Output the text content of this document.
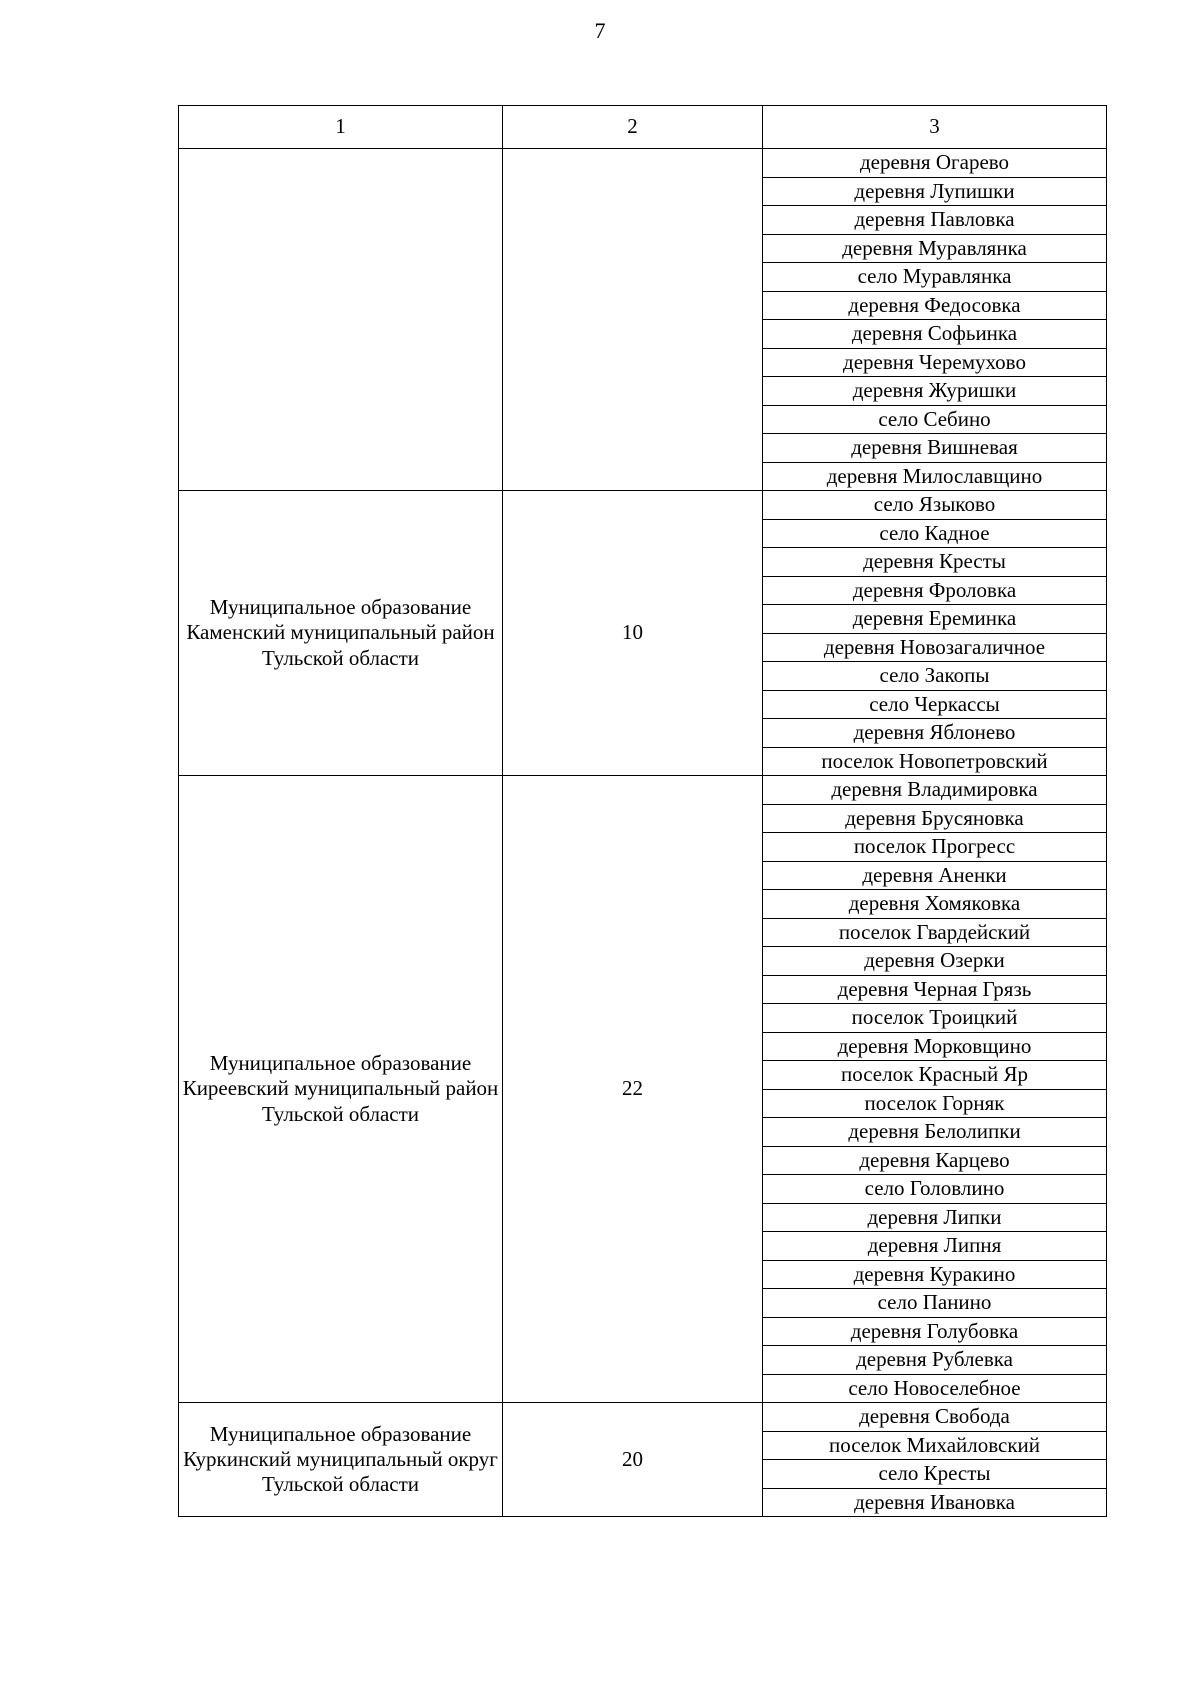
7
1	2	3
		деревня Огарево
		деревня Лупишки
		деревня Павловка
		деревня Муравлянка
		село Муравлянка
		деревня Федосовка
		деревня Софьинка
		деревня Черемухово
		деревня Журишки
		село Себино
		деревня Вишневая
		деревня Милославщино
Муниципальное образование Каменский муниципальный район Тульской области	10	село Языково
		село Кадное
		деревня Кресты
		деревня Фроловка
		деревня Ереминка
		деревня Новозагаличное
		село Закопы
		село Черкассы
		деревня Яблонево
		поселок Новопетровский
Муниципальное образование Киреевский муниципальный район Тульской области	22	деревня Владимировка
		деревня Брусяновка
		поселок Прогресс
		деревня Аненки
		деревня Хомяковка
		поселок Гвардейский
		деревня Озерки
		деревня Черная Грязь
		поселок Троицкий
		деревня Морковщино
		поселок Красный Яр
		поселок Горняк
		деревня Белолипки
		деревня Карцево
		село Головлино
		деревня Липки
		деревня Липня
		деревня Куракино
		село Панино
		деревня Голубовка
		деревня Рублевка
		село Новоселебное
Муниципальное образование Куркинский муниципальный округ Тульской области	20	деревня Свобода
		поселок Михайловский
		село Кресты
		деревня Ивановка
